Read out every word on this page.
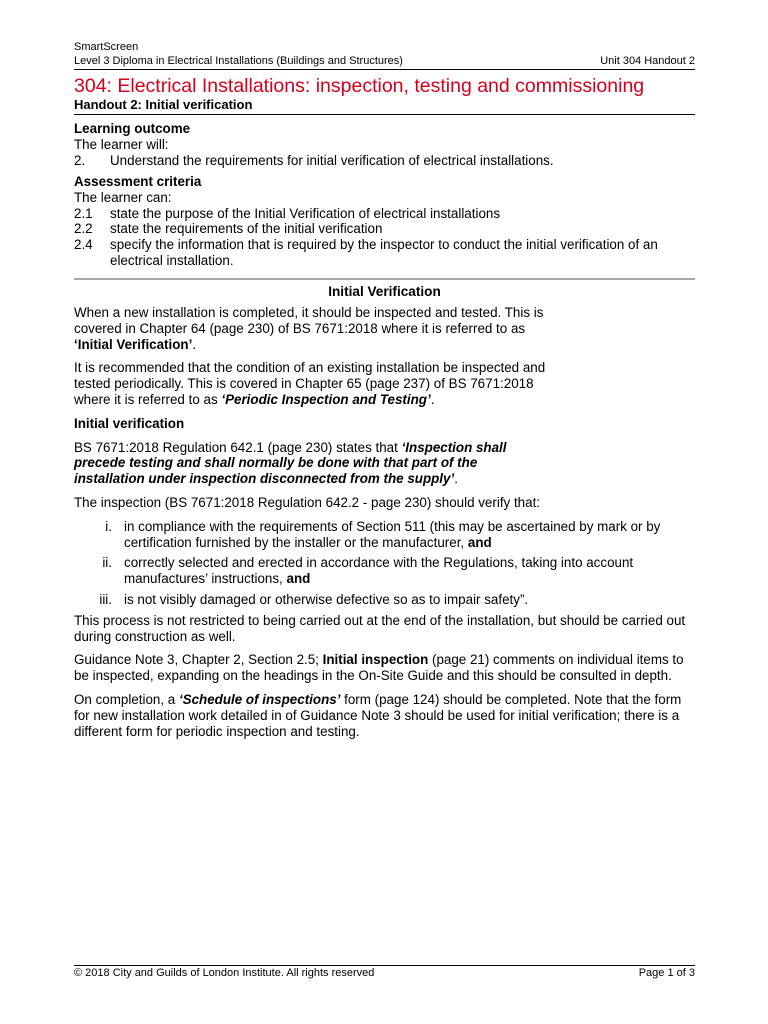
SmartScreen
Level 3 Diploma in Electrical Installations (Buildings and Structures)	Unit 304 Handout 2
304: Electrical Installations: inspection, testing and commissioning
Handout 2: Initial verification
Learning outcome
The learner will:
2.	Understand the requirements for initial verification of electrical installations.
Assessment criteria
The learner can:
2.1	state the purpose of the Initial Verification of electrical installations
2.2	state the requirements of the initial verification
2.4	specify the information that is required by the inspector to conduct the initial verification of an electrical installation.
Initial Verification

When a new installation is completed, it should be inspected and tested. This is covered in Chapter 64 (page 230) of BS 7671:2018 where it is referred to as ‘Initial Verification’.

It is recommended that the condition of an existing installation be inspected and tested periodically. This is covered in Chapter 65 (page 237) of BS 7671:2018 where it is referred to as ‘Periodic Inspection and Testing’.

Initial verification

BS 7671:2018 Regulation 642.1 (page 230) states that ‘Inspection shall precede testing and shall normally be done with that part of the installation under inspection disconnected from the supply’.

The inspection (BS 7671:2018 Regulation 642.2 - page 230) should verify that:

i. in compliance with the requirements of Section 511 (this may be ascertained by mark or by certification furnished by the installer or the manufacturer, and
ii. correctly selected and erected in accordance with the Regulations, taking into account manufactures’ instructions, and
iii. is not visibly damaged or otherwise defective so as to impair safety”.

This process is not restricted to being carried out at the end of the installation, but should be carried out during construction as well.

Guidance Note 3, Chapter 2, Section 2.5; Initial inspection (page 21) comments on individual items to be inspected, expanding on the headings in the On-Site Guide and this should be consulted in depth.

On completion, a ‘Schedule of inspections’ form (page 124) should be completed. Note that the form for new installation work detailed in of Guidance Note 3 should be used for initial verification; there is a different form for periodic inspection and testing.

© 2018 City and Guilds of London Institute. All rights reserved	Page 1 of 3
